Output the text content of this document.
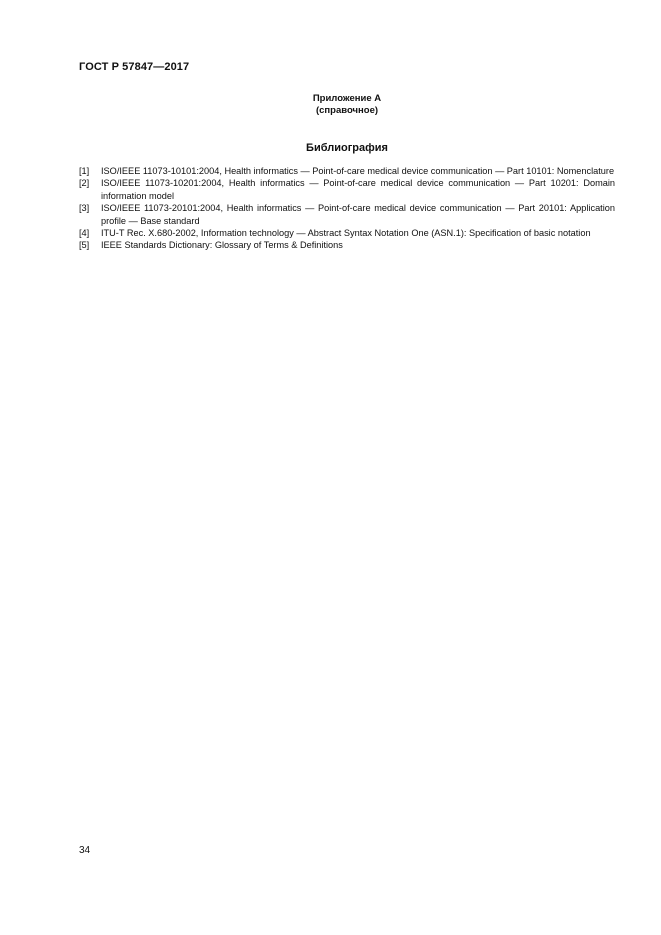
ГОСТ Р 57847—2017
Приложение А
(справочное)
Библиография
[1]	ISO/IEEE 11073-10101:2004, Health informatics — Point-of-care medical device communication — Part 10101: Nomenclature
[2]	ISO/IEEE 11073-10201:2004, Health informatics — Point-of-care medical device communication — Part 10201: Domain information model
[3]	ISO/IEEE 11073-20101:2004, Health informatics — Point-of-care medical device communication — Part 20101: Application profile — Base standard
[4]	ITU-T Rec. X.680-2002, Information technology — Abstract Syntax Notation One (ASN.1): Specification of basic notation
[5]	IEEE Standards Dictionary: Glossary of Terms & Definitions
34
